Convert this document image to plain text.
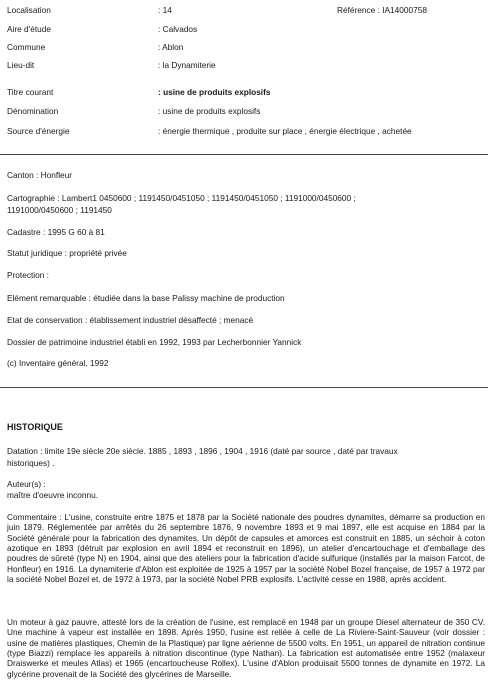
Localisation	: 14	Référence : IA14000758
Aire d'étude	: Calvados
Commune	: Ablon
Lieu-dit	: la Dynamiterie
Titre courant	: usine de produits explosifs
Dénomination	: usine de produits explosifs
Source d'énergie	: énergie thermique , produite sur place , énergie électrique , achetée
Canton : Honfleur
Cartographie : Lambert1 0450600 ; 1191450/0451050 ; 1191450/0451050 ; 1191000/0450600 ;
1191000/0450600 ; 1191450
Cadastre : 1995 G 60 à 81
Statut juridique : propriété privée
Protection :
Elément remarquable : étudiée dans la base Palissy machine de production
Etat de conservation : établissement industriel désaffecté ; menacé
Dossier de patrimoine industriel établi en 1992, 1993 par Lecherbonnier Yannick
(c) Inventaire général, 1992
HISTORIQUE
Datation : limite 19e siècle 20e siècle. 1885 , 1893 , 1896 , 1904 , 1916 (daté par source , daté par travaux
historiques) .
Auteur(s) :
maître d'oeuvre inconnu.
Commentaire : L'usine, construite entre 1875 et 1878 par la Société nationale des poudres dynamites, démarre sa production en juin 1879. Réglementée par arrêtés du 26 septembre 1876, 9 novembre 1893 et 9 mai 1897, elle est acquise en 1884 par la Société générale pour la fabrication des dynamites. Un dépôt de capsules et amorces est construit en 1885, un séchoir à coton azotique en 1893 (détruit par explosion en avril 1894 et reconstruit en 1896), un atelier d'encartouchage et d'emballage des poudres de sûreté (type N) en 1904, ainsi que des ateliers pour la fabrication d'acide sulfurique (installés par la maison Farcot, de Honfleur) en 1916. La dynamiterie d'Ablon est exploitée de 1925 à 1957 par la société Nobel Bozel française, de 1957 à 1972 par la société Nobel Bozel et. de 1972 à 1973, par la société Nobel PRB explosifs. L'activité cesse en 1988, après accident.
Un moteur à gaz pauvre, attesté lors de la création de l'usine, est remplacé en 1948 par un groupe Diesel alternateur de 350 CV. Une machine à vapeur est installée en 1898. Après 1950, l'usine est reliée à celle de La Riviere-Saint-Sauveur (voir dossier : usine de matières plastiques, Chemin de la Plastique) par ligne aérienne de 5500 volts. En 1951, un appareil de nitration continue (type Biazzi) remplace les appareils à nitration discontinue (type Nathan). La fabrication est automatisée entre 1952 (malaxeur Draiswerke et meules Atlas) et 1965 (encartoucheuse Rollex). L'usine d'Ablon produisait 5500 tonnes de dynamite en 1972. La glycérine provenait de la Société des glycérines de Marseille.
